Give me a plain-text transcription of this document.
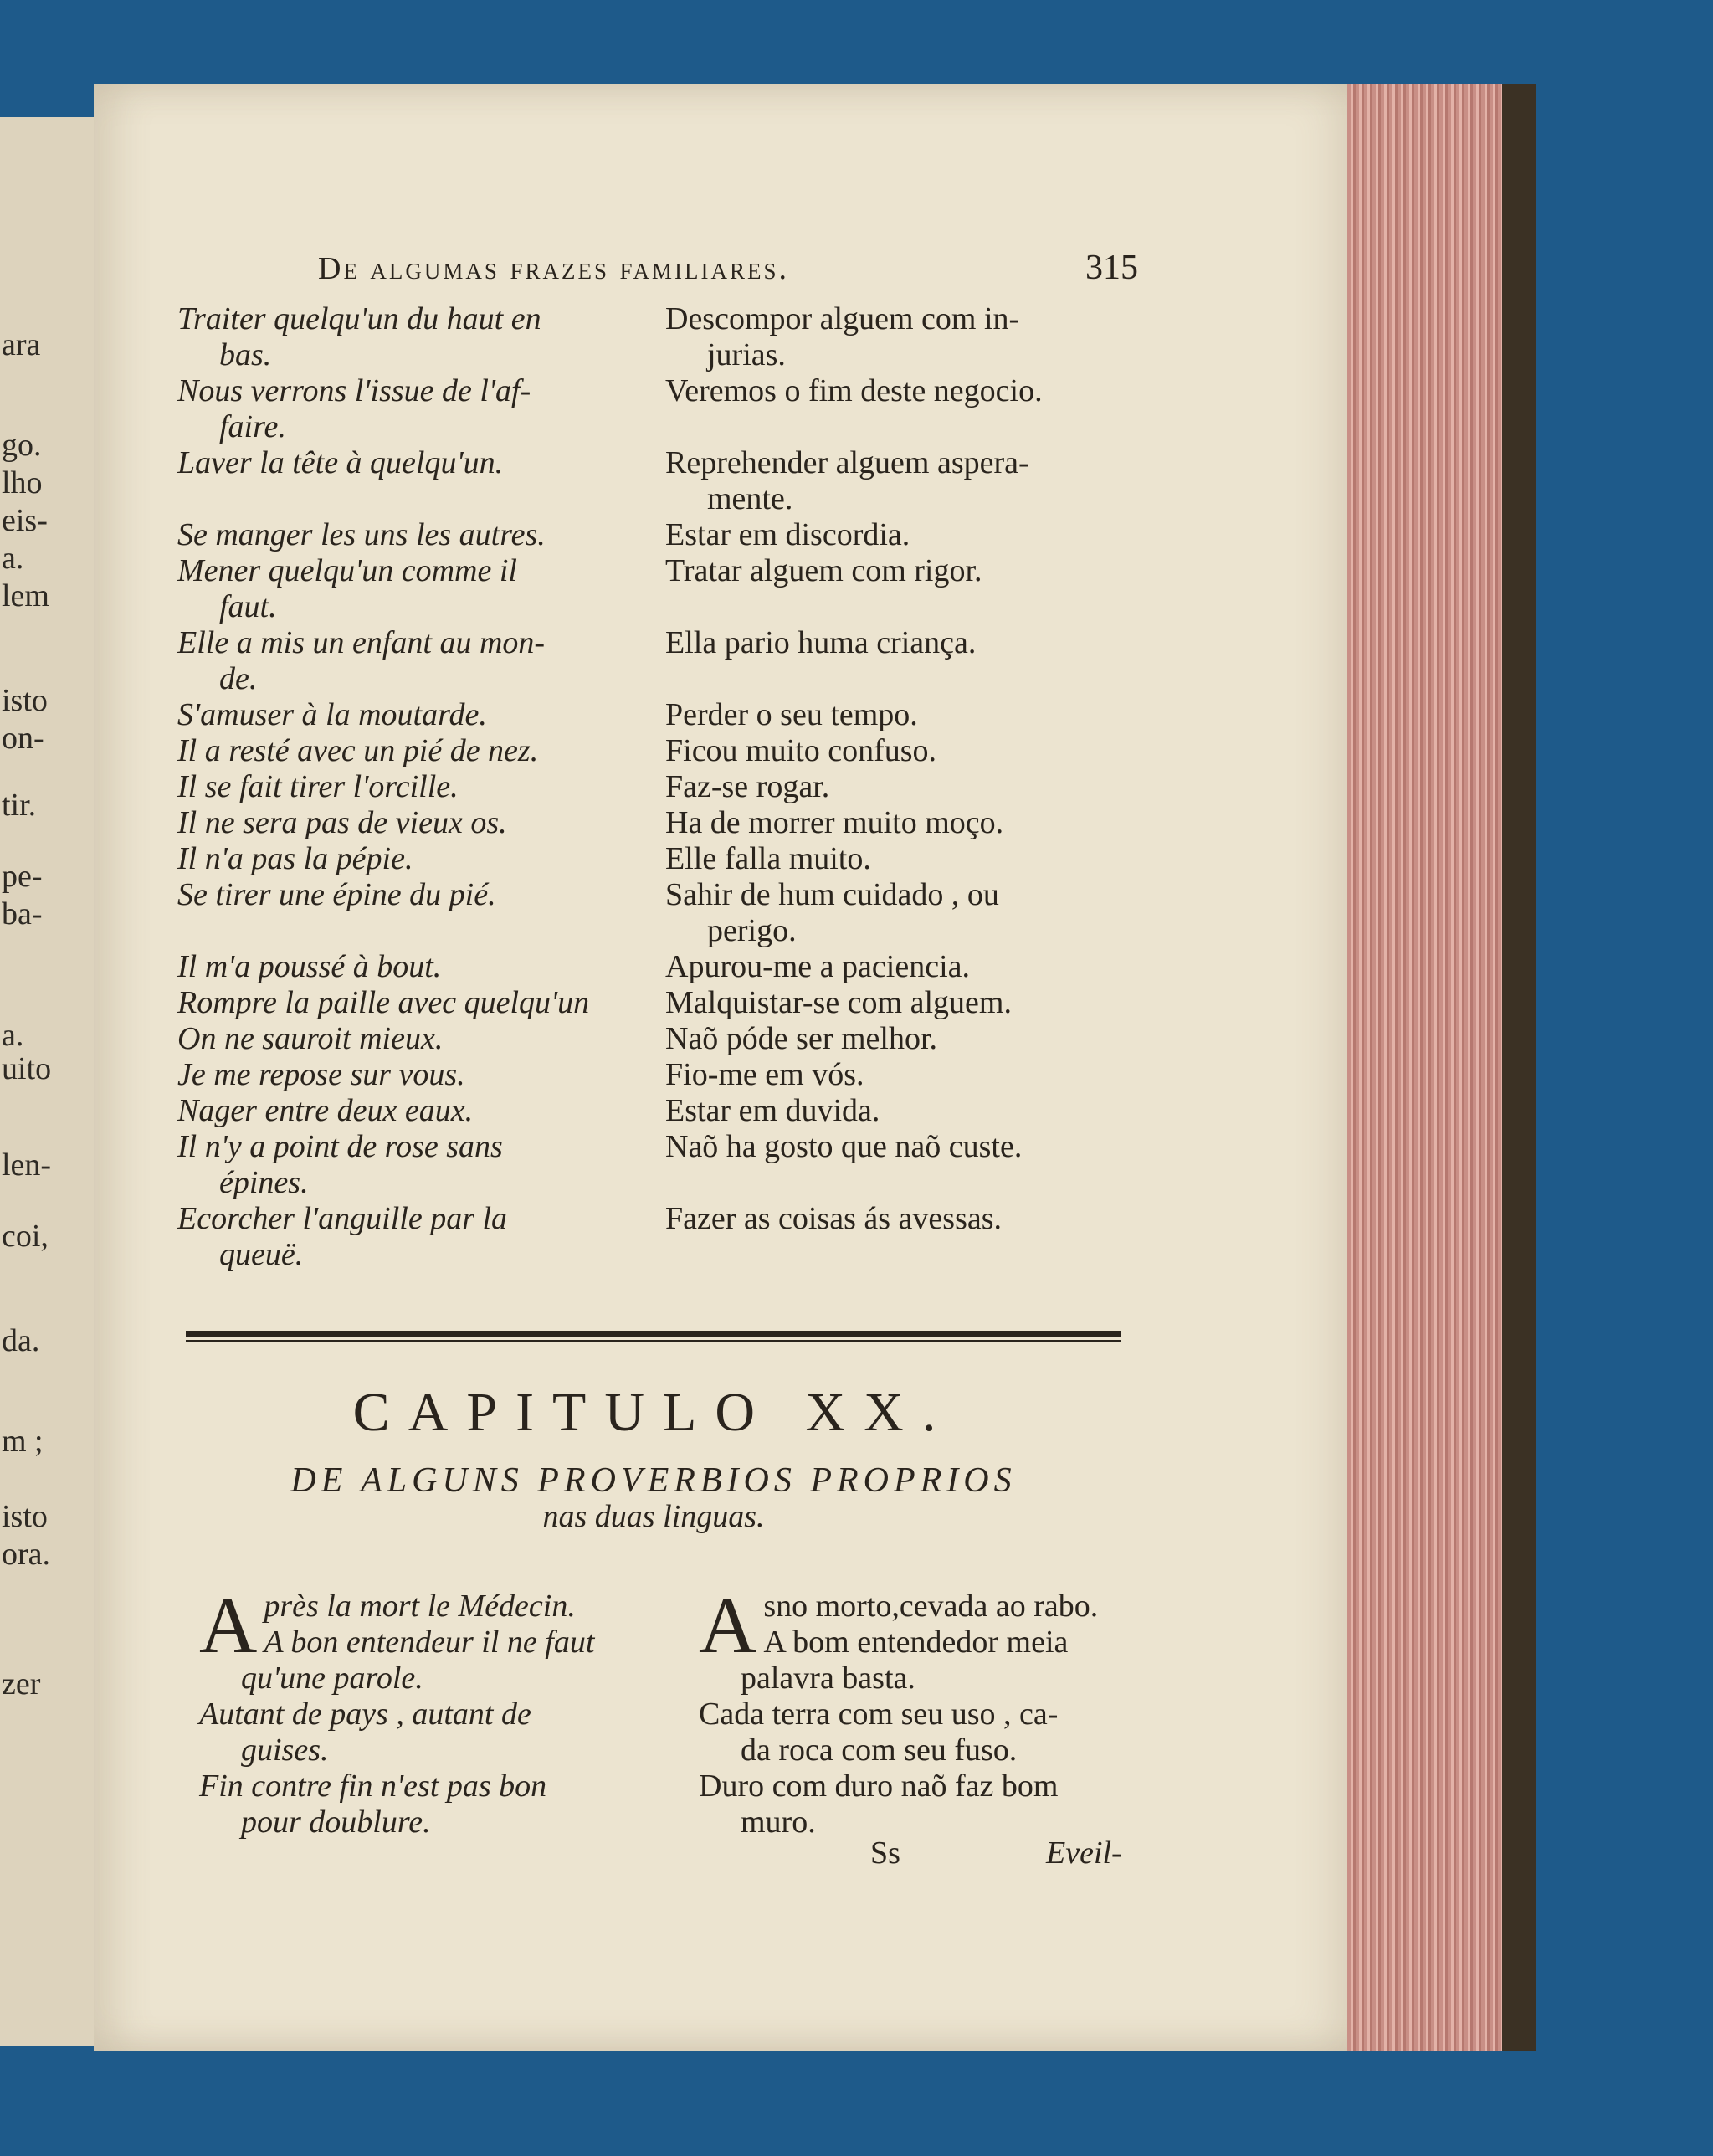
ara
go.
lho
eis-
a.
lem
isto
on-
tir.
pe-
ba-
a.
uito
len-
coi,
da.
m ;
isto
ora.
zer
De algumas frazes familiares.	315

Traiter quelqu'un du haut en

bas.

Nous verrons l'issue de l'af-

faire.

Laver la tête à quelqu'un.

Se manger les uns les autres.

Mener quelqu'un comme il

faut.

Elle a mis un enfant au mon-

de.

S'amuser à la moutarde.

Il a resté avec un pié de nez.

Il se fait tirer l'orcille.

Il ne sera pas de vieux os.

Il n'a pas la pépie.

Se tirer une épine du pié.

Il m'a poussé à bout.

Rompre la paille avec quelqu'un

On ne sauroit mieux.

Je me repose sur vous.

Nager entre deux eaux.

Il n'y a point de rose sans

épines.

Ecorcher l'anguille par la

queuë.

Descompor alguem com in-

jurias.

Veremos o fim deste negocio.

Reprehender alguem aspera-

mente.

Estar em discordia.

Tratar alguem com rigor.

Ella pario huma criança.

Perder o seu tempo.

Ficou muito confuso.

Faz-se rogar.

Ha de morrer muito moço.

Elle falla muito.

Sahir de hum cuidado , ou

perigo.

Apurou-me a paciencia.

Malquistar-se com alguem.

Naõ póde ser melhor.

Fio-me em vós.

Estar em duvida.

Naõ ha gosto que naõ custe.

Fazer as coisas ás avessas.

CAPITULO XX.
DE ALGUNS PROVERBIOS PROPRIOS
nas duas linguas.
A près la mort le Médecin.

A bon entendeur il ne faut

qu'une parole.

Autant de pays , autant de

guises.

Fin contre fin n'est pas bon

pour doublure.

A sno morto,cevada ao rabo.

A bom entendedor meia

palavra basta.

Cada terra com seu uso , ca-

da roca com seu fuso.

Duro com duro naõ faz bom

muro.

Ss	Eveil-
